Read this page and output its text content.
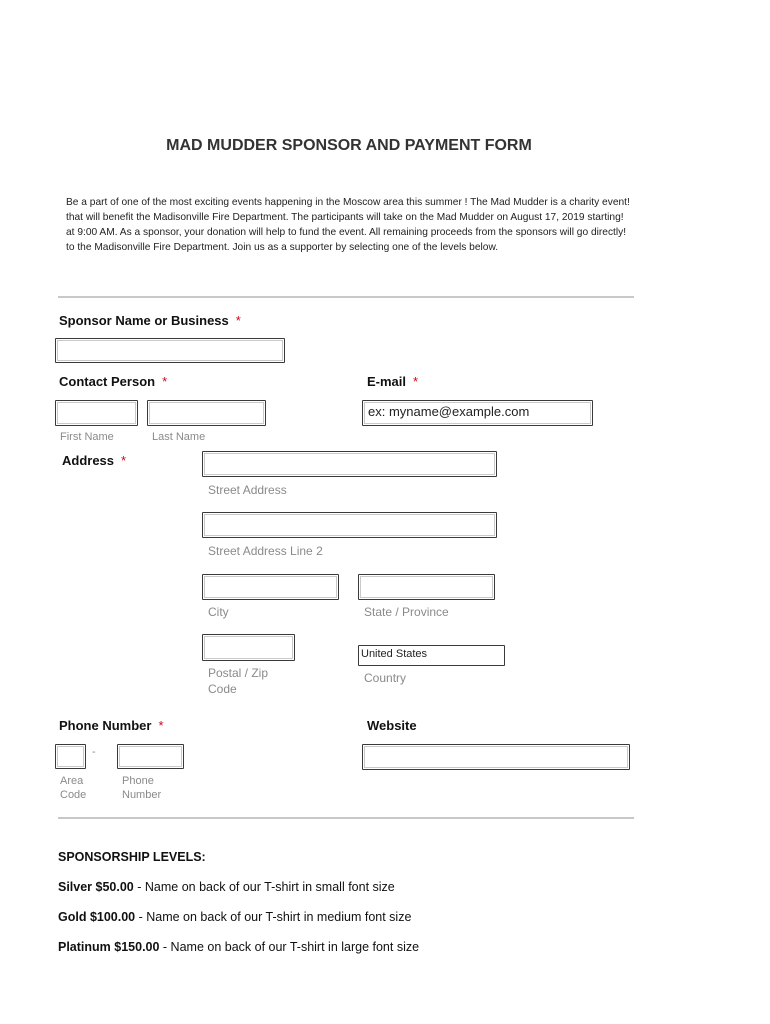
MAD MUDDER SPONSOR AND PAYMENT FORM
Be a part of one of the most exciting events happening in the Moscow area this summer ! The Mad Mudder is a charity event!
that will benefit the Madisonville Fire Department. The participants will take on the Mad Mudder on August 17, 2019 starting!
at 9:00 AM. As a sponsor, your donation will help to fund the event. All remaining proceeds from the sponsors will go directly!
to the Madisonville Fire Department. Join us as a supporter by selecting one of the levels below.
Sponsor Name or Business *
Contact Person *
First Name	Last Name
E-mail *
ex: myname@example.com
Address *
Street Address
Street Address Line 2
City	State / Province
Postal / Zip
Code
United States
Country
Phone Number *
-
Area
Code
Phone
Number
Website
SPONSORSHIP LEVELS:
Silver $50.00 - Name on back of our T-shirt in small font size
Gold $100.00 - Name on back of our T-shirt in medium font size
Platinum $150.00 - Name on back of our T-shirt in large font size
